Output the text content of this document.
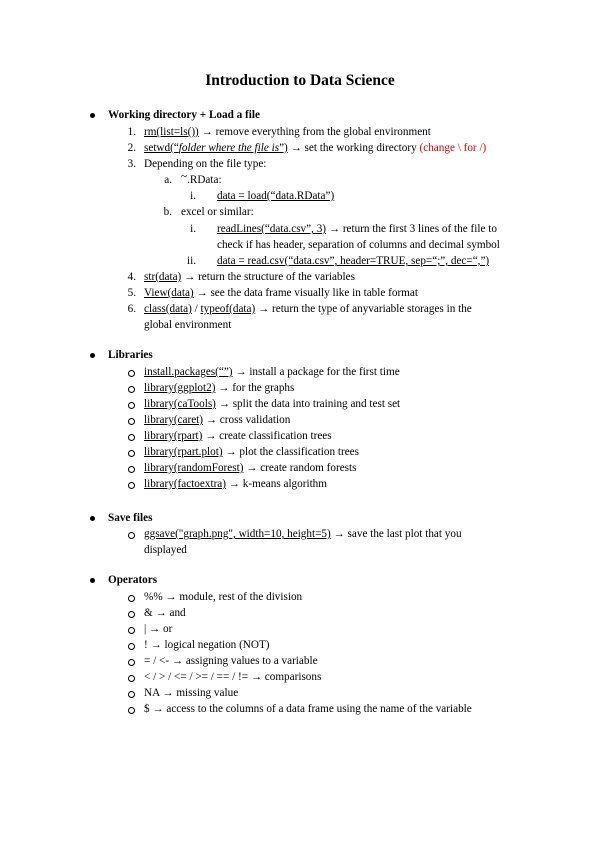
Introduction to Data Science
Working directory + Load a file
1. rm(list=ls()) → remove everything from the global environment
2. setwd(“folder where the file is”) → set the working directory (change \ for /)
3. Depending on the file type:
a. ~.RData:
i. data = load(“data.RData”)
b. excel or similar:
i. readLines(“data.csv”, 3) → return the first 3 lines of the file to
check if has header, separation of columns and decimal symbol
ii. data = read.csv(“data.csv”, header=TRUE, sep=“;”, dec=“,”)
4. str(data) → return the structure of the variables
5. View(data) → see the data frame visually like in table format
6. class(data) / typeof(data) → return the type of anyvariable storages in the
global environment
Libraries
install.packages(“”) → install a package for the first time
library(ggplot2) → for the graphs
library(caTools) → split the data into training and test set
library(caret) → cross validation
library(rpart) → create classification trees
library(rpart.plot) → plot the classification trees
library(randomForest) → create random forests
library(factoextra) → k-means algorithm
Save files
ggsave("graph.png", width=10, height=5) → save the last plot that you
displayed
Operators
%% → module, rest of the division
& → and
| → or
! → logical negation (NOT)
= / <- → assigning values to a variable
< / > / <= / >= / == / != → comparisons
NA → missing value
$ → access to the columns of a data frame using the name of the variable
